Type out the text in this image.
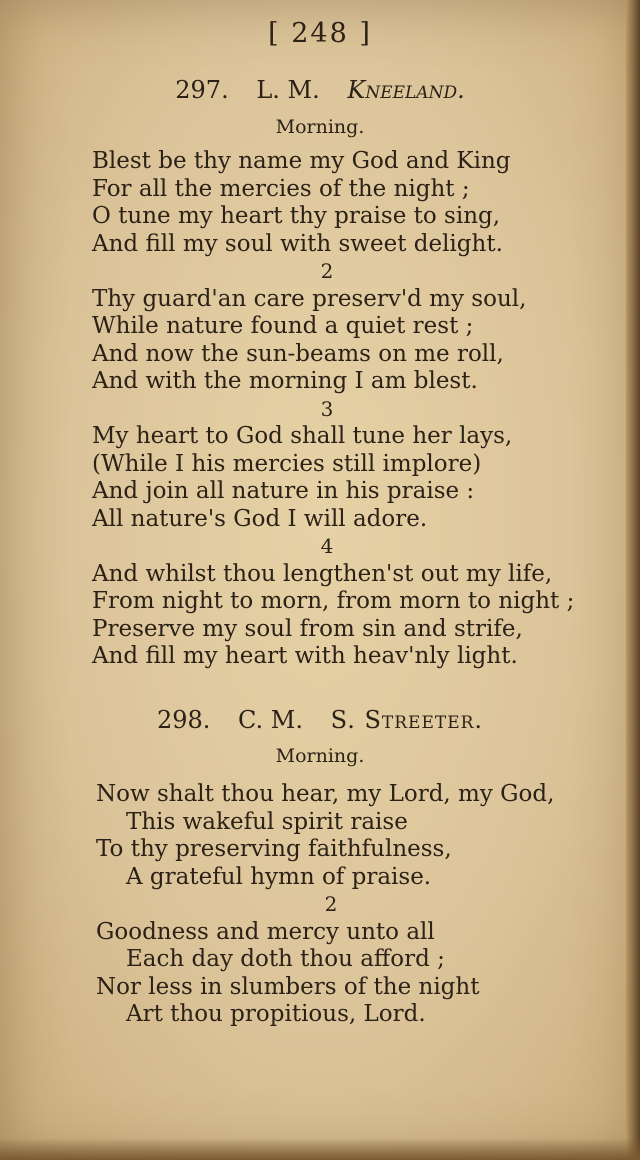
[ 248 ]
297. L. M. Kneeland.
Morning.
Blest be thy name my God and King
For all the mercies of the night ;
O tune my heart thy praise to sing,
And fill my soul with sweet delight.
2
Thy guard'an care preserv'd my soul,
While nature found a quiet rest ;
And now the sun-beams on me roll,
And with the morning I am blest.
3
My heart to God shall tune her lays,
(While I his mercies still implore)
And join all nature in his praise :
All nature's God I will adore.
4
And whilst thou lengthen'st out my life,
From night to morn, from morn to night ;
Preserve my soul from sin and strife,
And fill my heart with heav'nly light.
298. C. M. S. Streeter.
Morning.
Now shalt thou hear, my Lord, my God,
This wakeful spirit raise
To thy preserving faithfulness,
A grateful hymn of praise.
2
Goodness and mercy unto all
Each day doth thou afford ;
Nor less in slumbers of the night
Art thou propitious, Lord.
